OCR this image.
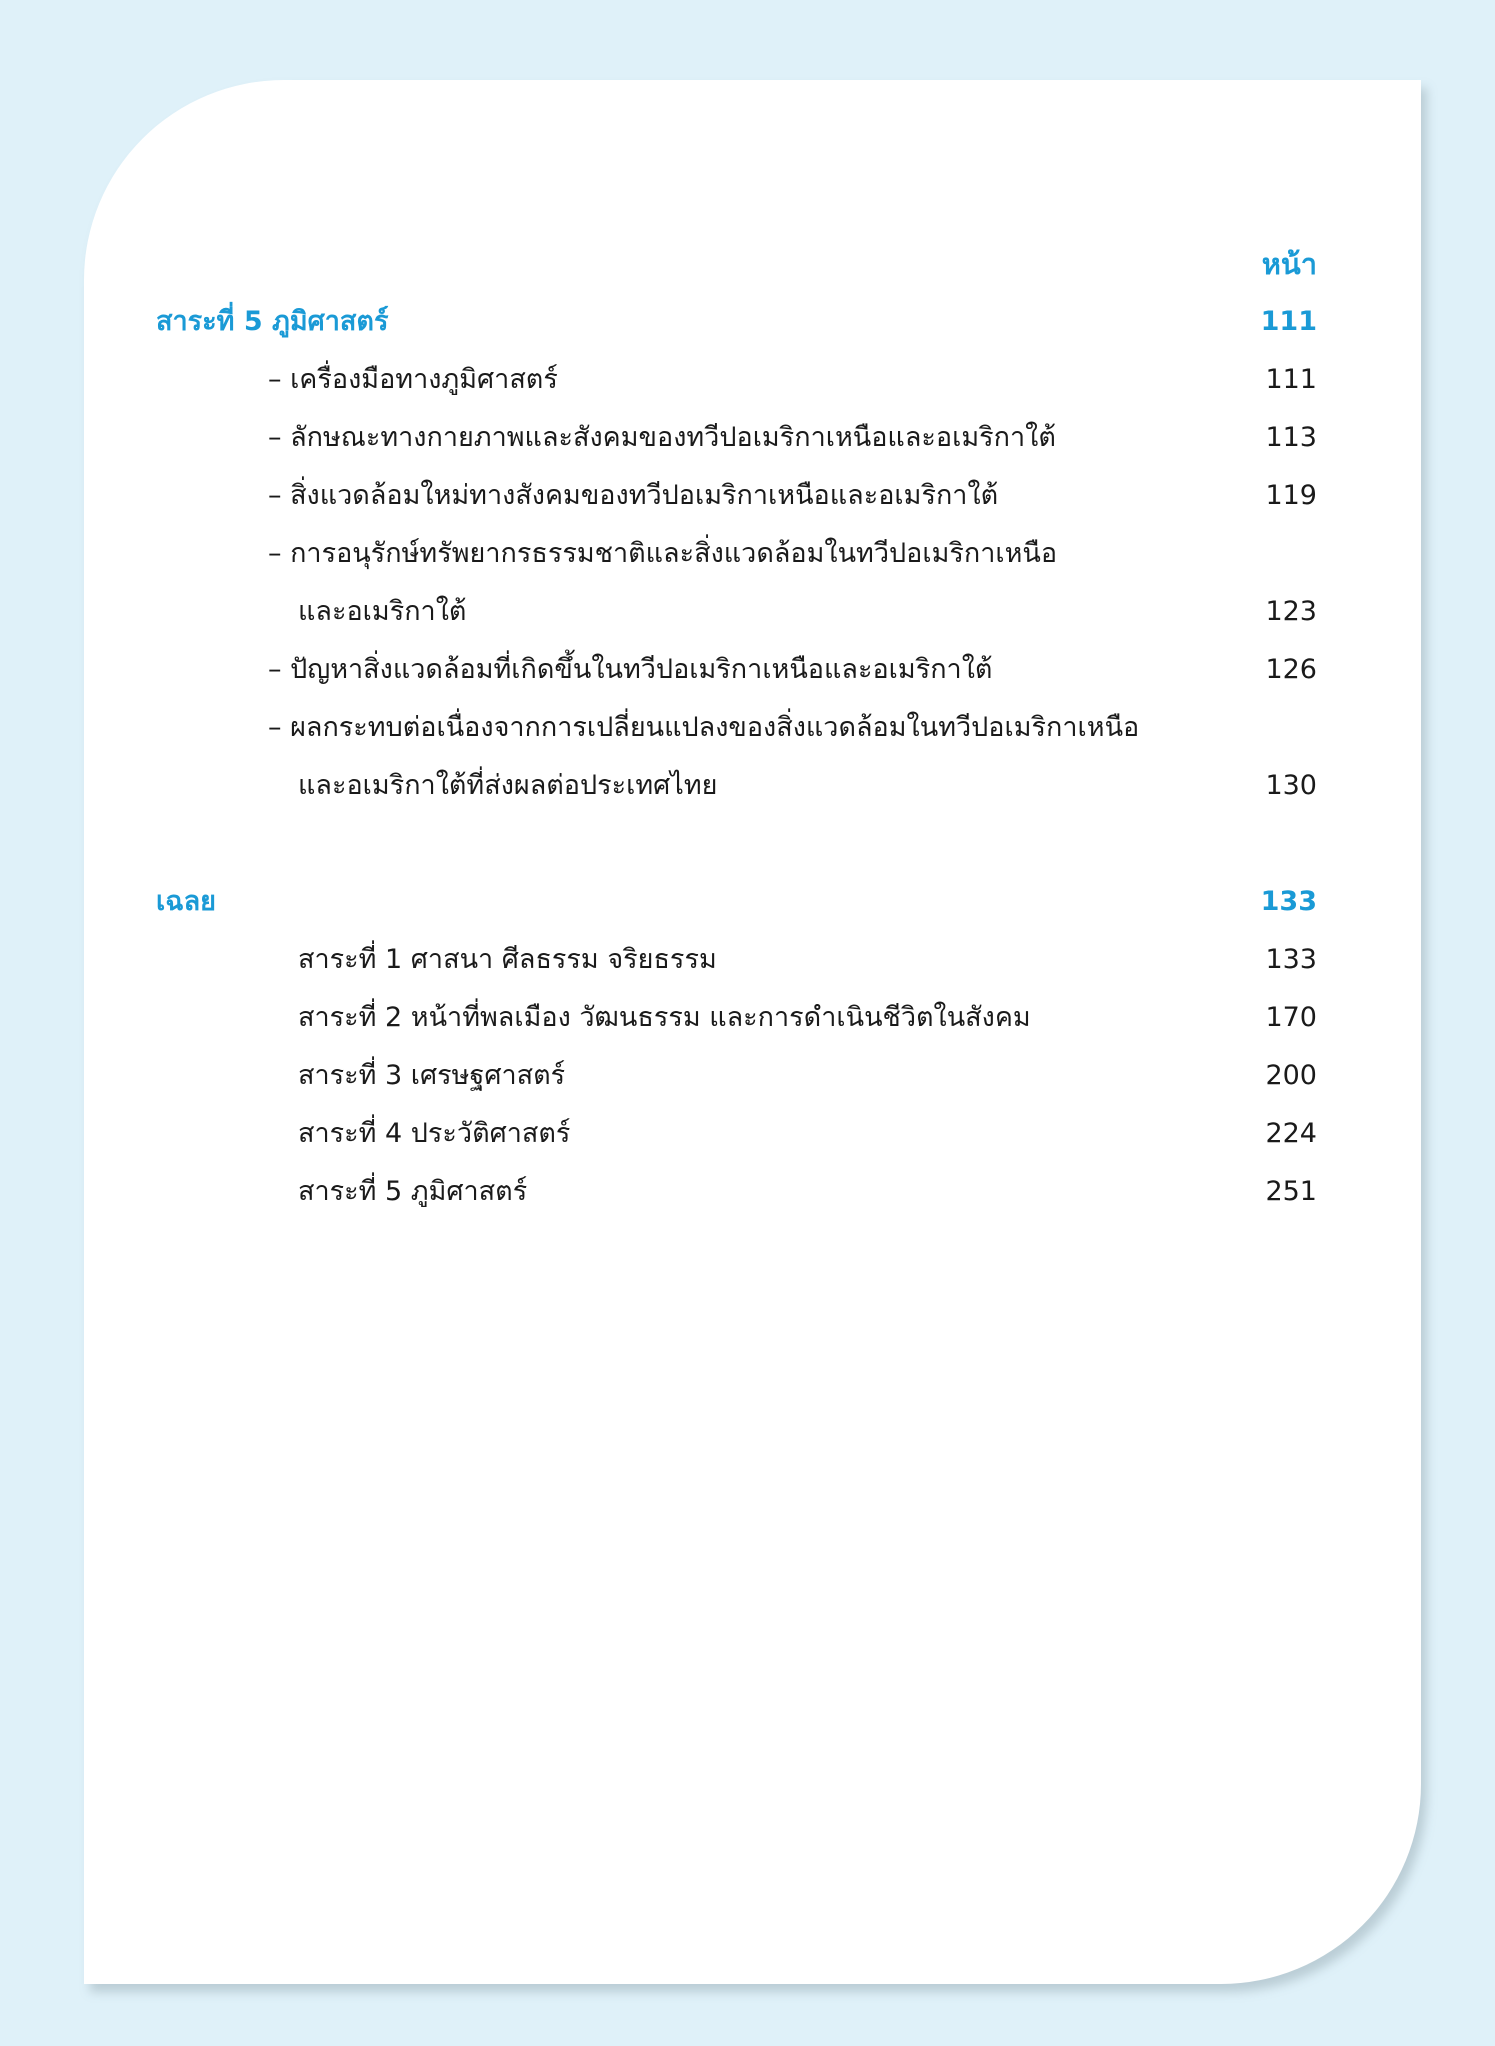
หน้า
สาระที่ 5 ภูมิศาสตร์	111
– เครื่องมือทางภูมิศาสตร์	111
– ลักษณะทางกายภาพและสังคมของทวีปอเมริกาเหนือและอเมริกาใต้	113
– สิ่งแวดล้อมใหม่ทางสังคมของทวีปอเมริกาเหนือและอเมริกาใต้	119
– การอนุรักษ์ทรัพยากรธรรมชาติและสิ่งแวดล้อมในทวีปอเมริกาเหนือ
และอเมริกาใต้	123
– ปัญหาสิ่งแวดล้อมที่เกิดขึ้นในทวีปอเมริกาเหนือและอเมริกาใต้	126
– ผลกระทบต่อเนื่องจากการเปลี่ยนแปลงของสิ่งแวดล้อมในทวีปอเมริกาเหนือ
และอเมริกาใต้ที่ส่งผลต่อประเทศไทย	130
เฉลย	133
สาระที่ 1 ศาสนา ศีลธรรม จริยธรรม	133
สาระที่ 2 หน้าที่พลเมือง วัฒนธรรม และการดำเนินชีวิตในสังคม	170
สาระที่ 3 เศรษฐศาสตร์	200
สาระที่ 4 ประวัติศาสตร์	224
สาระที่ 5 ภูมิศาสตร์	251
